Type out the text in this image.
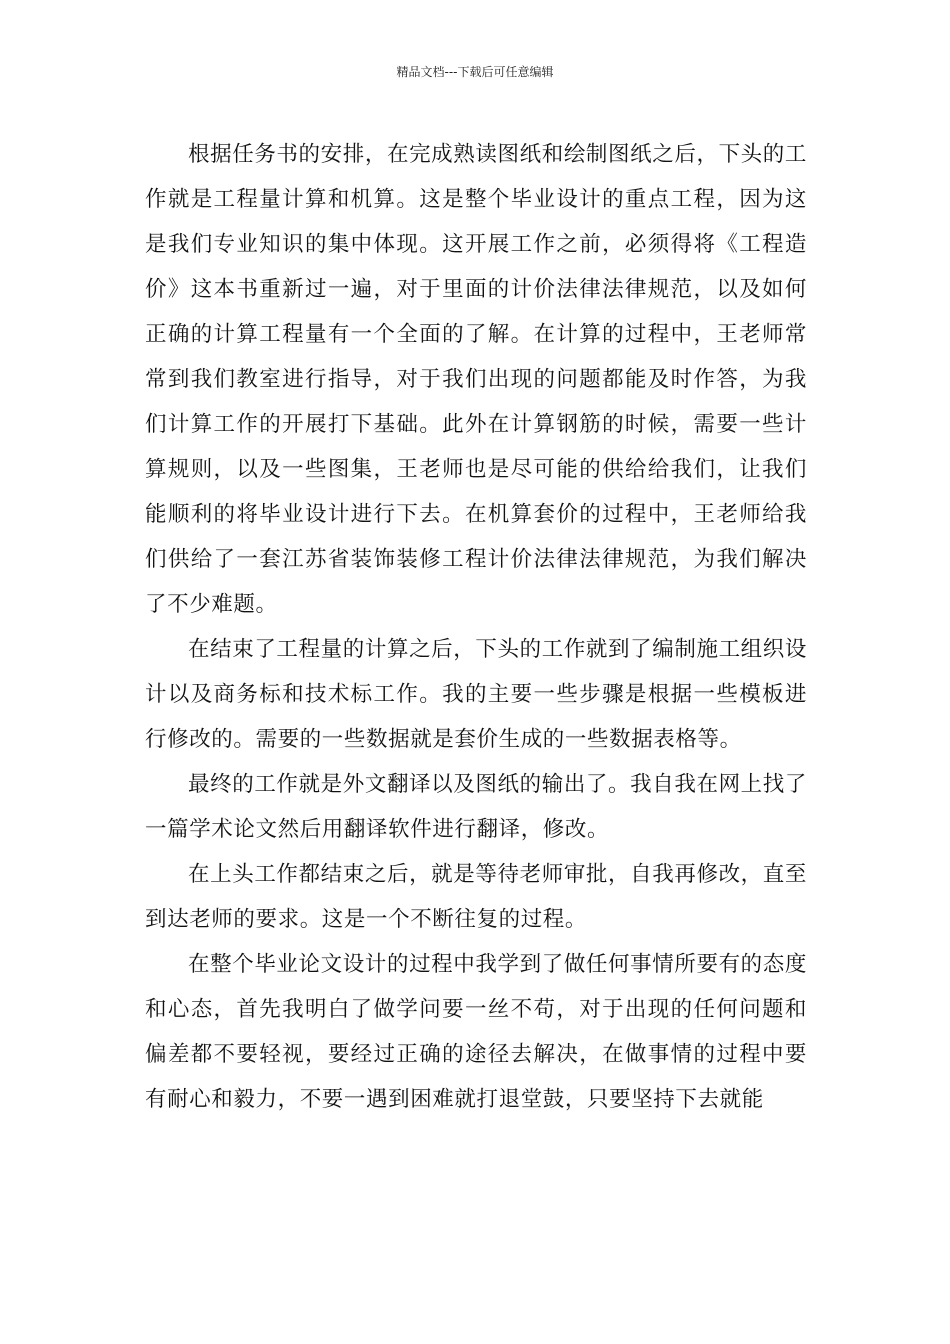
精品文档---下载后可任意编辑

根据任务书的安排，在完成熟读图纸和绘制图纸之后，下头的工作就是工程量计算和机算。这是整个毕业设计的重点工程，因为这是我们专业知识的集中体现。这开展工作之前，必须得将《工程造价》这本书重新过一遍，对于里面的计价法律法律规范，以及如何正确的计算工程量有一个全面的了解。在计算的过程中，王老师常常到我们教室进行指导，对于我们出现的问题都能及时作答，为我们计算工作的开展打下基础。此外在计算钢筋的时候，需要一些计算规则，以及一些图集，王老师也是尽可能的供给给我们，让我们能顺利的将毕业设计进行下去。在机算套价的过程中，王老师给我们供给了一套江苏省装饰装修工程计价法律法律规范，为我们解决了不少难题。

在结束了工程量的计算之后，下头的工作就到了编制施工组织设计以及商务标和技术标工作。我的主要一些步骤是根据一些模板进行修改的。需要的一些数据就是套价生成的一些数据表格等。

最终的工作就是外文翻译以及图纸的输出了。我自我在网上找了一篇学术论文然后用翻译软件进行翻译，修改。

在上头工作都结束之后，就是等待老师审批，自我再修改，直至到达老师的要求。这是一个不断往复的过程。

在整个毕业论文设计的过程中我学到了做任何事情所要有的态度和心态，首先我明白了做学问要一丝不苟，对于出现的任何问题和偏差都不要轻视，要经过正确的途径去解决，在做事情的过程中要有耐心和毅力，不要一遇到困难就打退堂鼓，只要坚持下去就能
